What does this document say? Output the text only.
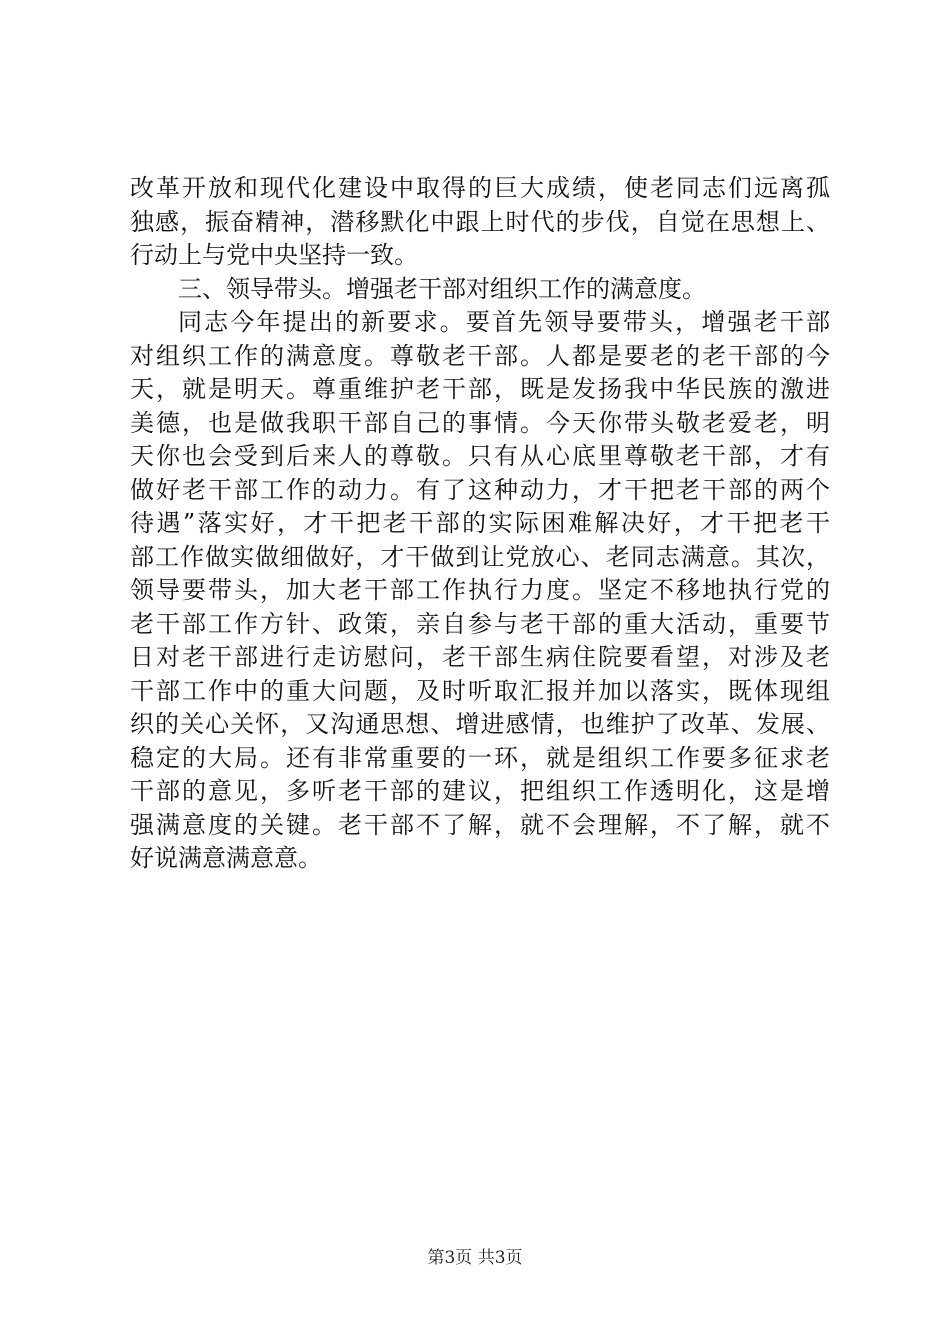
改革开放和现代化建设中取得的巨大成绩，使老同志们远离孤
独感，振奋精神，潜移默化中跟上时代的步伐，自觉在思想上、
行动上与党中央坚持一致。
三、领导带头。增强老干部对组织工作的满意度。
同志今年提出的新要求。要首先领导要带头，增强老干部
对组织工作的满意度。尊敬老干部。人都是要老的老干部的今
天，就是明天。尊重维护老干部，既是发扬我中华民族的激进
美德，也是做我职干部自己的事情。今天你带头敬老爱老，明
天你也会受到后来人的尊敬。只有从心底里尊敬老干部，才有
做好老干部工作的动力。有了这种动力，才干把老干部的两个
待遇”落实好，才干把老干部的实际困难解决好，才干把老干
部工作做实做细做好，才干做到让党放心、老同志满意。其次，
领导要带头，加大老干部工作执行力度。坚定不移地执行党的
老干部工作方针、政策，亲自参与老干部的重大活动，重要节
日对老干部进行走访慰问，老干部生病住院要看望，对涉及老
干部工作中的重大问题，及时听取汇报并加以落实，既体现组
织的关心关怀，又沟通思想、增进感情，也维护了改革、发展、
稳定的大局。还有非常重要的一环，就是组织工作要多征求老
干部的意见，多听老干部的建议，把组织工作透明化，这是增
强满意度的关键。老干部不了解，就不会理解，不了解，就不
好说满意满意意。
第3页 共3页
